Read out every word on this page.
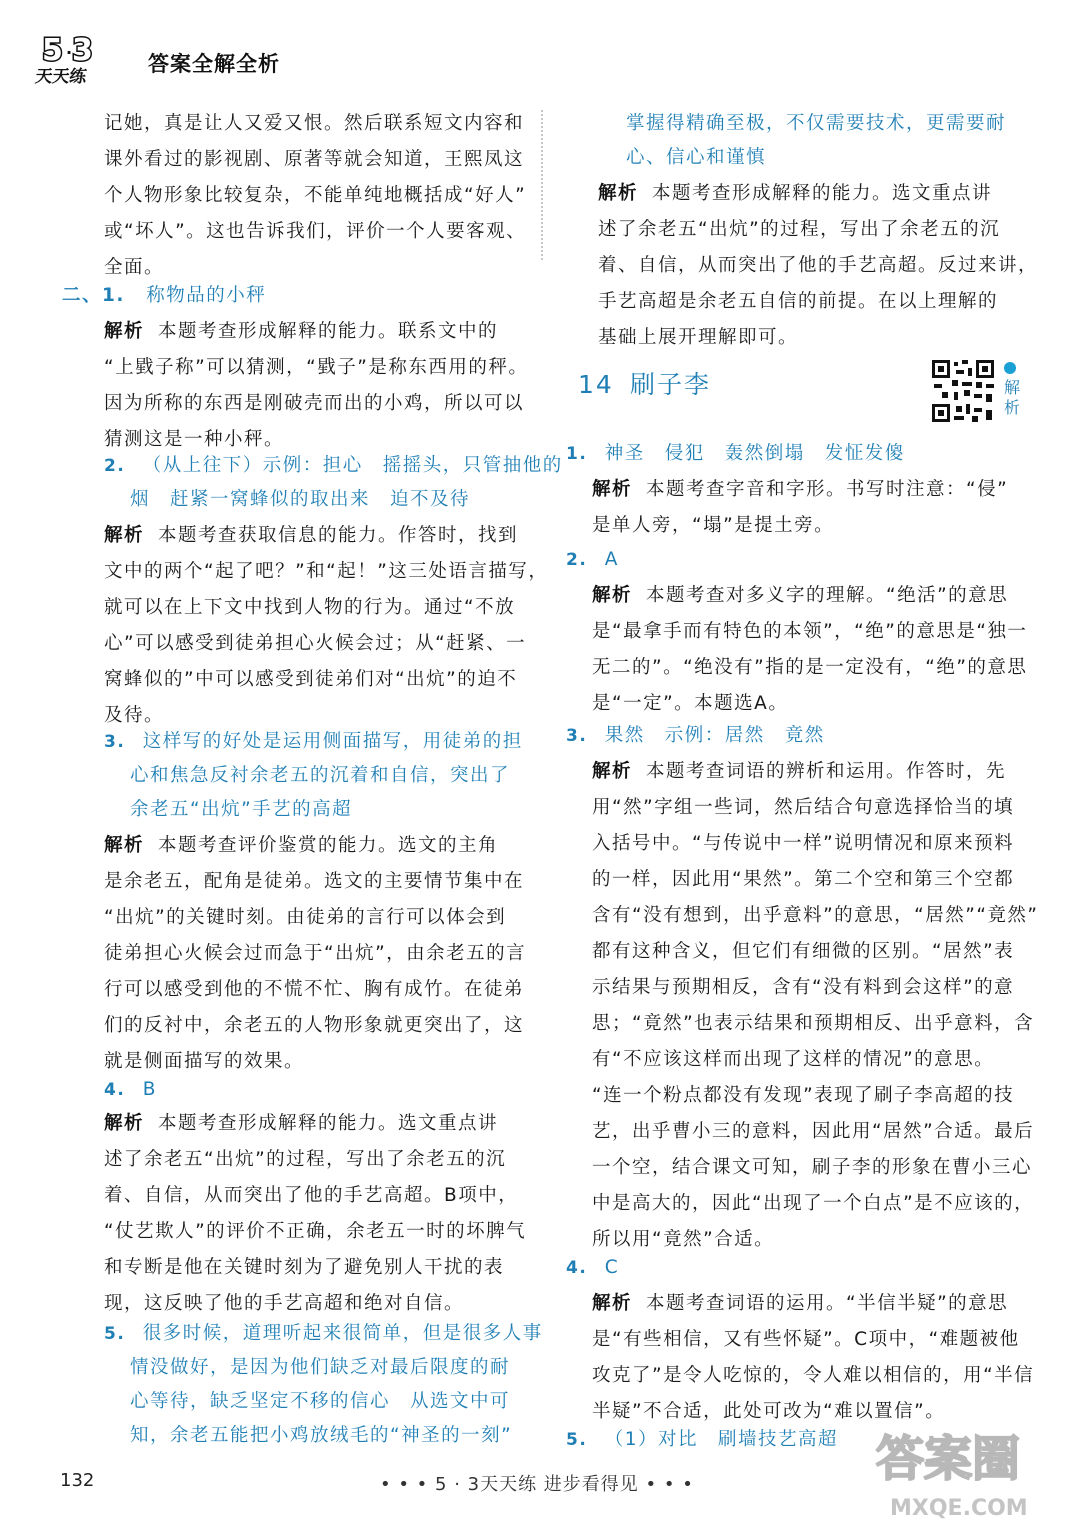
5 . 3
天天练
答案全解全析
记她，真是让人又爱又恨。然后联系短文内容和
课外看过的影视剧、原著等就会知道，王熙凤这
个人物形象比较复杂，不能单纯地概括成“好人”
或“坏人”。这也告诉我们，评价一个人要客观、
全面。
二、1. 称物品的小秤
解析 本题考查形成解释的能力。联系文中的
“上戥子称”可以猜测，“戥子”是称东西用的秤。
因为所称的东西是刚破壳而出的小鸡，所以可以
猜测这是一种小秤。
2. （从上往下）示例：担心　摇摇头，只管抽他的
烟　赶紧一窝蜂似的取出来　迫不及待
解析 本题考查获取信息的能力。作答时，找到
文中的两个“起了吧？”和“起！”这三处语言描写，
就可以在上下文中找到人物的行为。通过“不放
心”可以感受到徒弟担心火候会过；从“赶紧、一
窝蜂似的”中可以感受到徒弟们对“出炕”的迫不
及待。
3. 这样写的好处是运用侧面描写，用徒弟的担
心和焦急反衬余老五的沉着和自信，突出了
余老五“出炕”手艺的高超
解析 本题考查评价鉴赏的能力。选文的主角
是余老五，配角是徒弟。选文的主要情节集中在
“出炕”的关键时刻。由徒弟的言行可以体会到
徒弟担心火候会过而急于“出炕”，由余老五的言
行可以感受到他的不慌不忙、胸有成竹。在徒弟
们的反衬中，余老五的人物形象就更突出了，这
就是侧面描写的效果。
4. B
解析 本题考查形成解释的能力。选文重点讲
述了余老五“出炕”的过程，写出了余老五的沉
着、自信，从而突出了他的手艺高超。B项中，
“仗艺欺人”的评价不正确，余老五一时的坏脾气
和专断是他在关键时刻为了避免别人干扰的表
现，这反映了他的手艺高超和绝对自信。
5. 很多时候，道理听起来很简单，但是很多人事
情没做好，是因为他们缺乏对最后限度的耐
心等待，缺乏坚定不移的信心　从选文中可
知，余老五能把小鸡放绒毛的“神圣的一刻”
掌握得精确至极，不仅需要技术，更需要耐
心、信心和谨慎
解析 本题考查形成解释的能力。选文重点讲
述了余老五“出炕”的过程，写出了余老五的沉
着、自信，从而突出了他的手艺高超。反过来讲，
手艺高超是余老五自信的前提。在以上理解的
基础上展开理解即可。
14 刷子李	解析
1. 神圣　侵犯　轰然倒塌　发怔发傻
解析 本题考查字音和字形。书写时注意：“侵”
是单人旁，“塌”是提土旁。
2. A
解析 本题考查对多义字的理解。“绝活”的意思
是“最拿手而有特色的本领”，“绝”的意思是“独一
无二的”。“绝没有”指的是一定没有，“绝”的意思
是“一定”。本题选A。
3. 果然　示例：居然　竟然
解析 本题考查词语的辨析和运用。作答时，先
用“然”字组一些词，然后结合句意选择恰当的填
入括号中。“与传说中一样”说明情况和原来预料
的一样，因此用“果然”。第二个空和第三个空都
含有“没有想到，出乎意料”的意思，“居然”“竟然”
都有这种含义，但它们有细微的区别。“居然”表
示结果与预期相反，含有“没有料到会这样”的意
思；“竟然”也表示结果和预期相反、出乎意料，含
有“不应该这样而出现了这样的情况”的意思。
“连一个粉点都没有发现”表现了刷子李高超的技
艺，出乎曹小三的意料，因此用“居然”合适。最后
一个空，结合课文可知，刷子李的形象在曹小三心
中是高大的，因此“出现了一个白点”是不应该的，
所以用“竟然”合适。
4. C
解析 本题考查词语的运用。“半信半疑”的意思
是“有些相信，又有些怀疑”。C项中，“难题被他
攻克了”是令人吃惊的，令人难以相信的，用“半信
半疑”不合适，此处可改为“难以置信”。
5. （1）对比　刷墙技艺高超
132	• • • 5 · 3天天练 进步看得见 • • •	答案圈
MXQE.COM
